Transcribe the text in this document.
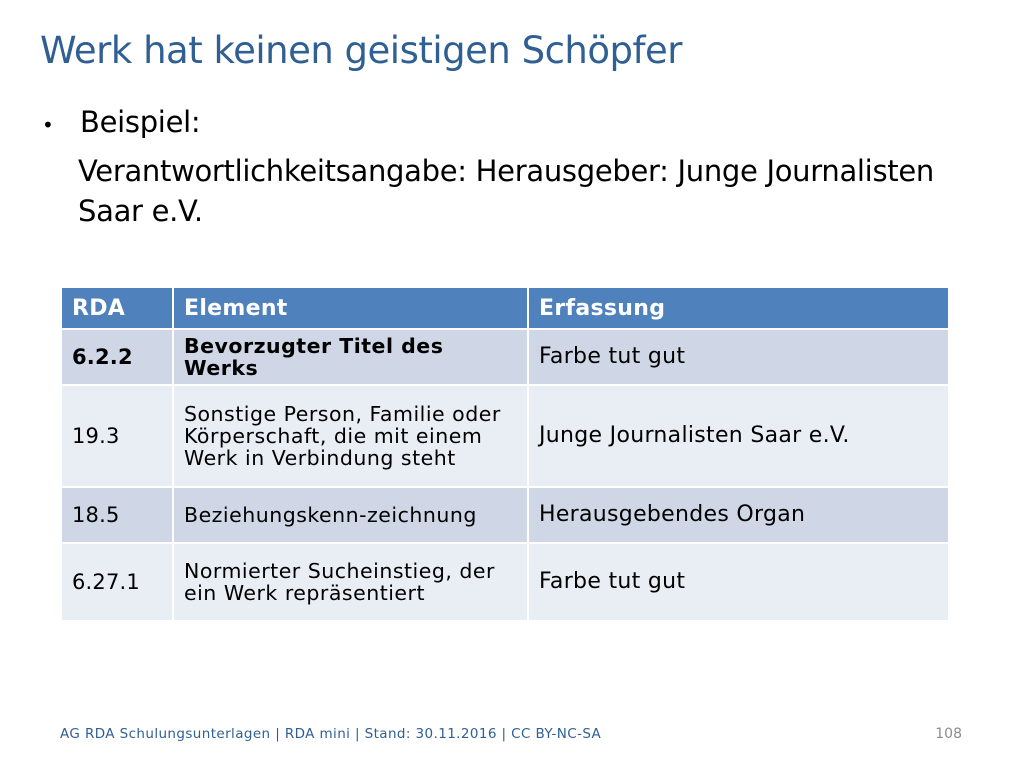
Werk hat keinen geistigen Schöpfer
• Beispiel:
Verantwortlichkeitsangabe: Herausgeber: Junge Journalisten Saar e.V.
RDA	Element	Erfassung
6.2.2	Bevorzugter Titel des Werks	Farbe tut gut
19.3	Sonstige Person, Familie oder Körperschaft, die mit einem Werk in Verbindung steht	Junge Journalisten Saar e.V.
18.5	Beziehungskenn-zeichnung	Herausgebendes Organ
6.27.1	Normierter Sucheinstieg, der ein Werk repräsentiert	Farbe tut gut
AG RDA Schulungsunterlagen | RDA mini | Stand: 30.11.2016 | CC BY-NC-SA	108
